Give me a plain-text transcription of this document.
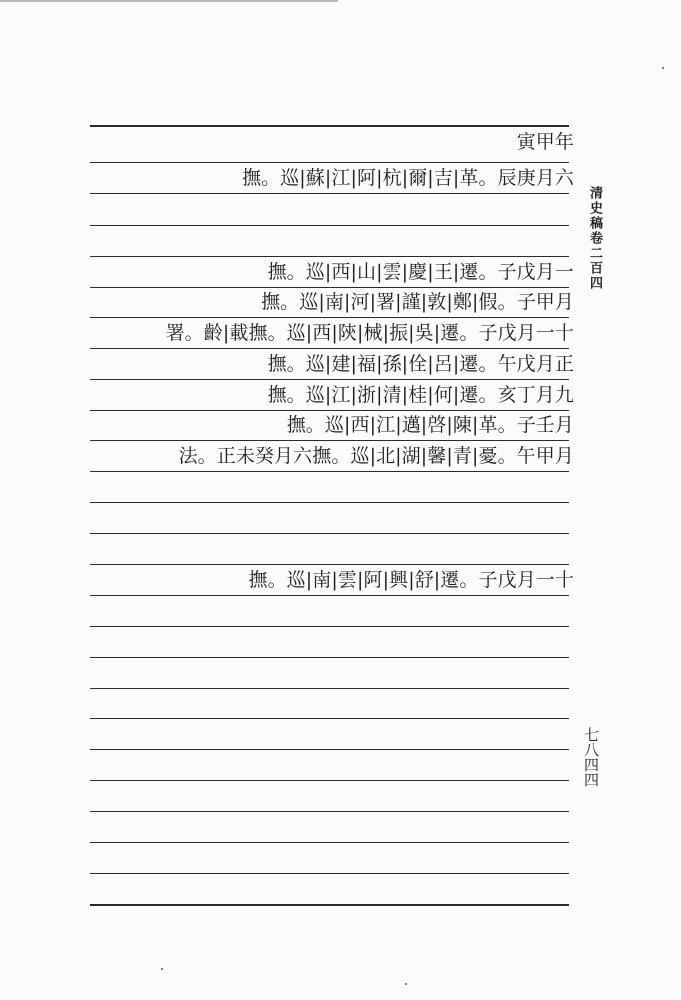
寅甲年
撫。巡|蘇|江|阿|杭|爾|吉|革。辰庚月六
撫。巡|西|山|雲|慶|王|遷。子戊月一
撫。巡|南|河|署|謹|敦|鄭|假。子甲月
署。齡|載撫。巡|西|陝|械|振|吳|遷。子戊月一十
撫。巡|建|福|孫|佺|呂|遷。午戊月正
撫。巡|江|浙|清|桂|何|遷。亥丁月九
撫。巡|西|江|邁|啓|陳|革。子壬月
法。正未癸月六撫。巡|北|湖|馨|青|憂。午甲月
撫。巡|南|雲|阿|興|舒|遷。子戊月一十
清史稿卷二百四
七八四四
